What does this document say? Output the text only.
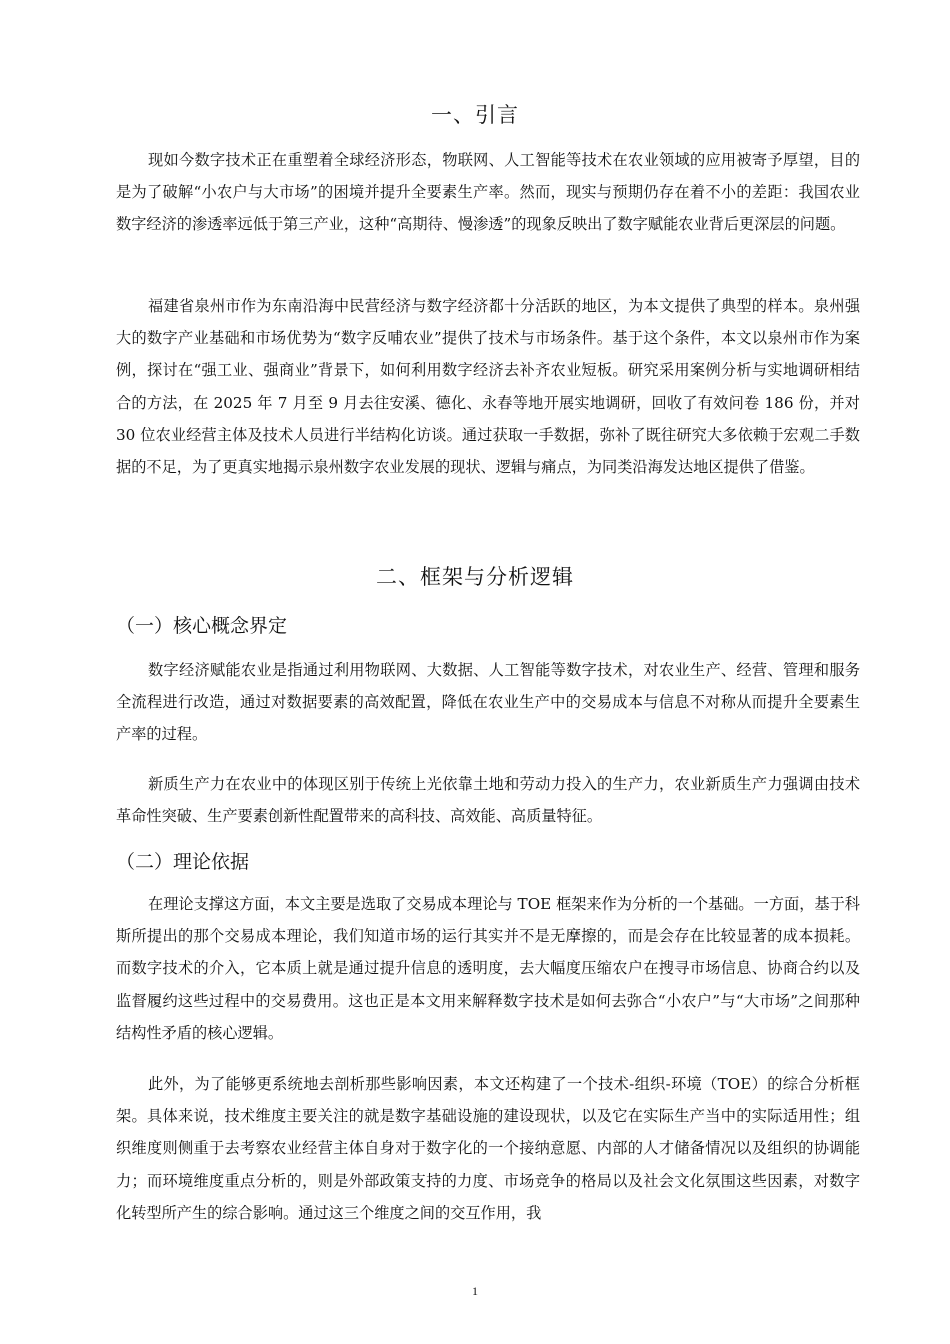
一、引言

现如今数字技术正在重塑着全球经济形态，物联网、人工智能等技术在农业领域的应用被寄予厚望，目的是为了破解“小农户与大市场”的困境并提升全要素生产率。然而，现实与预期仍存在着不小的差距：我国农业数字经济的渗透率远低于第三产业，这种“高期待、慢渗透”的现象反映出了数字赋能农业背后更深层的问题。

福建省泉州市作为东南沿海中民营经济与数字经济都十分活跃的地区，为本文提供了典型的样本。泉州强大的数字产业基础和市场优势为“数字反哺农业”提供了技术与市场条件。基于这个条件，本文以泉州市作为案例，探讨在“强工业、强商业”背景下，如何利用数字经济去补齐农业短板。研究采用案例分析与实地调研相结合的方法，在 2025 年 7 月至 9 月去往安溪、德化、永春等地开展实地调研，回收了有效问卷 186 份，并对 30 位农业经营主体及技术人员进行半结构化访谈。通过获取一手数据，弥补了既往研究大多依赖于宏观二手数据的不足，为了更真实地揭示泉州数字农业发展的现状、逻辑与痛点，为同类沿海发达地区提供了借鉴。

二、框架与分析逻辑
（一）核心概念界定

数字经济赋能农业是指通过利用物联网、大数据、人工智能等数字技术，对农业生产、经营、管理和服务全流程进行改造，通过对数据要素的高效配置，降低在农业生产中的交易成本与信息不对称从而提升全要素生产率的过程。

新质生产力在农业中的体现区别于传统上光依靠土地和劳动力投入的生产力，农业新质生产力强调由技术革命性突破、生产要素创新性配置带来的高科技、高效能、高质量特征。

（二）理论依据

在理论支撑这方面，本文主要是选取了交易成本理论与 TOE 框架来作为分析的一个基础。一方面，基于科斯所提出的那个交易成本理论，我们知道市场的运行其实并不是无摩擦的，而是会存在比较显著的成本损耗。而数字技术的介入，它本质上就是通过提升信息的透明度，去大幅度压缩农户在搜寻市场信息、协商合约以及监督履约这些过程中的交易费用。这也正是本文用来解释数字技术是如何去弥合“小农户”与“大市场”之间那种结构性矛盾的核心逻辑。

此外，为了能够更系统地去剖析那些影响因素，本文还构建了一个技术-组织-环境（TOE）的综合分析框架。具体来说，技术维度主要关注的就是数字基础设施的建设现状，以及它在实际生产当中的实际适用性；组织维度则侧重于去考察农业经营主体自身对于数字化的一个接纳意愿、内部的人才储备情况以及组织的协调能力；而环境维度重点分析的，则是外部政策支持的力度、市场竞争的格局以及社会文化氛围这些因素，对数字化转型所产生的综合影响。通过这三个维度之间的交互作用，我

1
